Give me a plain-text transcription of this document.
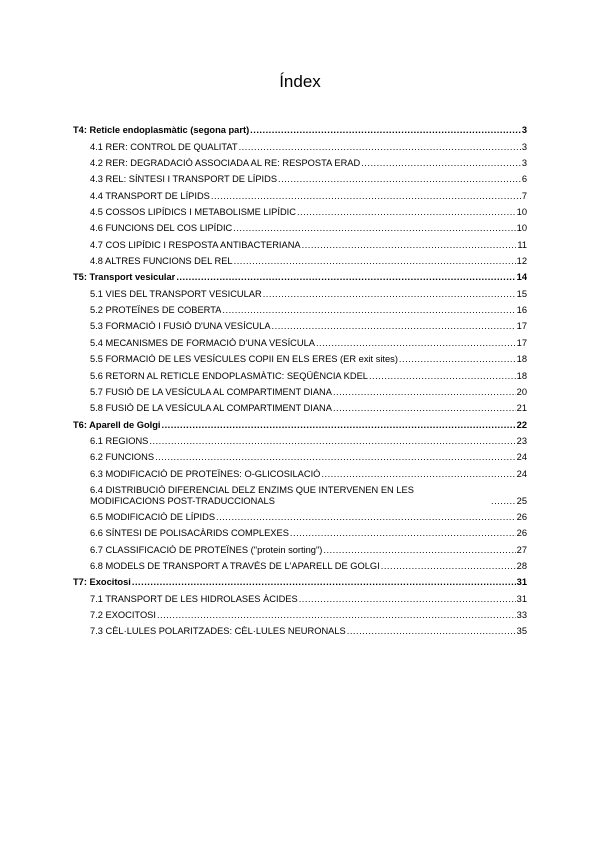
Índex
T4: Reticle endoplasmàtic (segona part) .....	3
4.1 RER: CONTROL DE QUALITAT .....	3
4.2 RER: DEGRADACIÓ ASSOCIADA AL RE: RESPOSTA ERAD .....	3
4.3 REL: SÍNTESI I TRANSPORT DE LÍPIDS .....	6
4.4 TRANSPORT DE LÍPIDS .....	7
4.5 COSSOS LIPÍDICS I METABOLISME LIPÍDIC .....	10
4.6 FUNCIONS DEL COS LIPÍDIC .....	10
4.7 COS LIPÍDIC I RESPOSTA ANTIBACTERIANA .....	11
4.8 ALTRES FUNCIONS DEL REL .....	12
T5: Transport vesicular .....	14
5.1 VIES DEL TRANSPORT VESICULAR .....	15
5.2 PROTEÏNES DE COBERTA .....	16
5.3 FORMACIÓ I FUSIÓ D'UNA VESÍCULA .....	17
5.4 MECANISMES DE FORMACIÓ D'UNA VESÍCULA .....	17
5.5 FORMACIÓ DE LES VESÍCULES COPII EN ELS ERES (ER exit sites) .....	18
5.6 RETORN AL RETICLE ENDOPLASMÀTIC: SEQÜÈNCIA KDEL .....	18
5.7 FUSIÓ DE LA VESÍCULA AL COMPARTIMENT DIANA .....	20
5.8 FUSIÓ DE LA VESÍCULA AL COMPARTIMENT DIANA .....	21
T6: Aparell de Golgi .....	22
6.1 REGIONS .....	23
6.2 FUNCIONS .....	24
6.3 MODIFICACIÓ DE PROTEÏNES: O-GLICOSILACIÓ .....	24
6.4 DISTRIBUCIÓ DIFERENCIAL DELZ ENZIMS QUE INTERVENEN EN LES MODIFICACIONS POST-TRADUCCIONALS .....	25
6.5 MODIFICACIÓ DE LÍPIDS .....	26
6.6 SÍNTESI DE POLISACÀRIDS COMPLEXES .....	26
6.7 CLASSIFICACIÓ DE PROTEÏNES ("protein sorting") .....	27
6.8 MODELS DE TRANSPORT A TRAVÉS DE L'APARELL DE GOLGI .....	28
T7: Exocitosi .....	31
7.1 TRANSPORT DE LES HIDROLASES ÀCIDES .....	31
7.2 EXOCITOSI .....	33
7.3 CÈL·LULES POLARITZADES: CÈL·LULES NEURONALS .....	35
